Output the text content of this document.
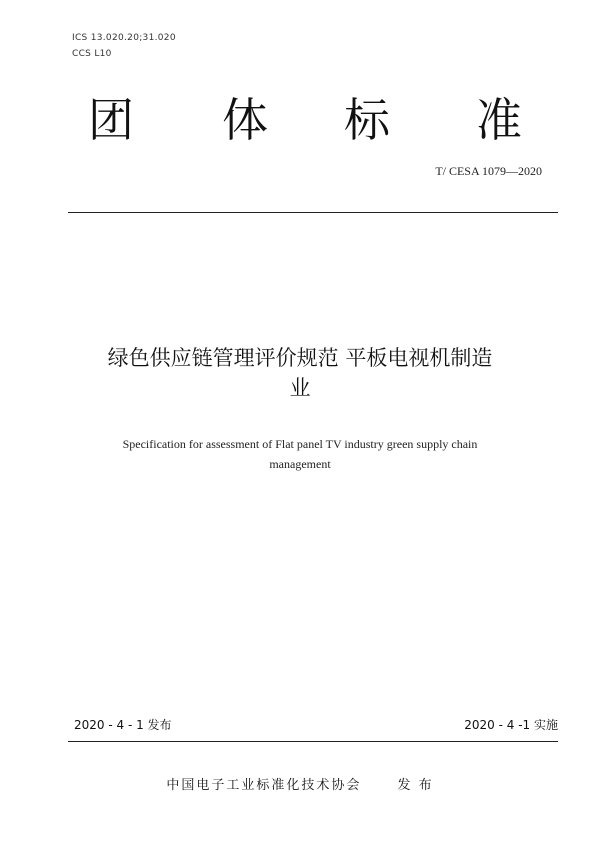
ICS 13.020.20;31.020
CCS L10
团 体 标 准
T/ CESA 1079—2020
绿色供应链管理评价规范 平板电视机制造
业
Specification for assessment of Flat panel TV industry green supply chain
management
2020 - 4 - 1 发布	2020 - 4 -1 实施
中国电子工业标准化技术协会	发 布
